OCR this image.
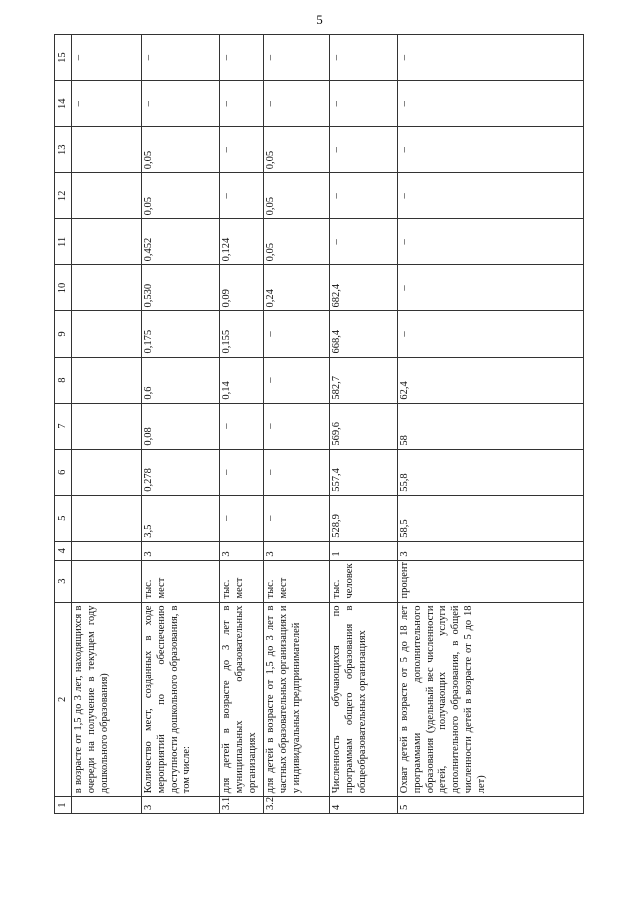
5
1	2	3	4	5	6	7	8	9	10	11	12	13	14	15
	в возрасте от 1,5 до 3 лет, находящихся в очереди на получение в текущем году дошкольного образования)												–	–
3	Количество мест, созданных в ходе мероприятий по обеспечению доступности дошкольного образования, в том числе:	тыс. мест	3	3,5	0,278	0,08	0,6	0,175	0,530	0,452	0,05	0,05	–	–
3.1	для детей в возрасте до 3 лет в муниципальных образовательных организациях	тыс. мест	3	–	–	–	0,14	0,155	0,09	0,124	–	–	–	–
3.2	для детей в возрасте от 1,5 до 3 лет в частных образовательных организациях и у индивидуальных предпринимателей	тыс. мест	3	–	–	–	–	–	0,24	0,05	0,05	0,05	–	–
4	Численность обучающихся по программам общего образования в общеобразовательных организациях	тыс. человек	1	528,9	557,4	569,6	582,7	668,4	682,4	–	–	–	–	–
5	Охват детей в возрасте от 5 до 18 лет программами дополнительного образования (удельный вес численности детей, получающих услуги дополнительного образования, в общей численности детей в возрасте от 5 до 18 лет)	процент	3	58,5	55,8	58	62,4	–	–	–	–	–	–	–
